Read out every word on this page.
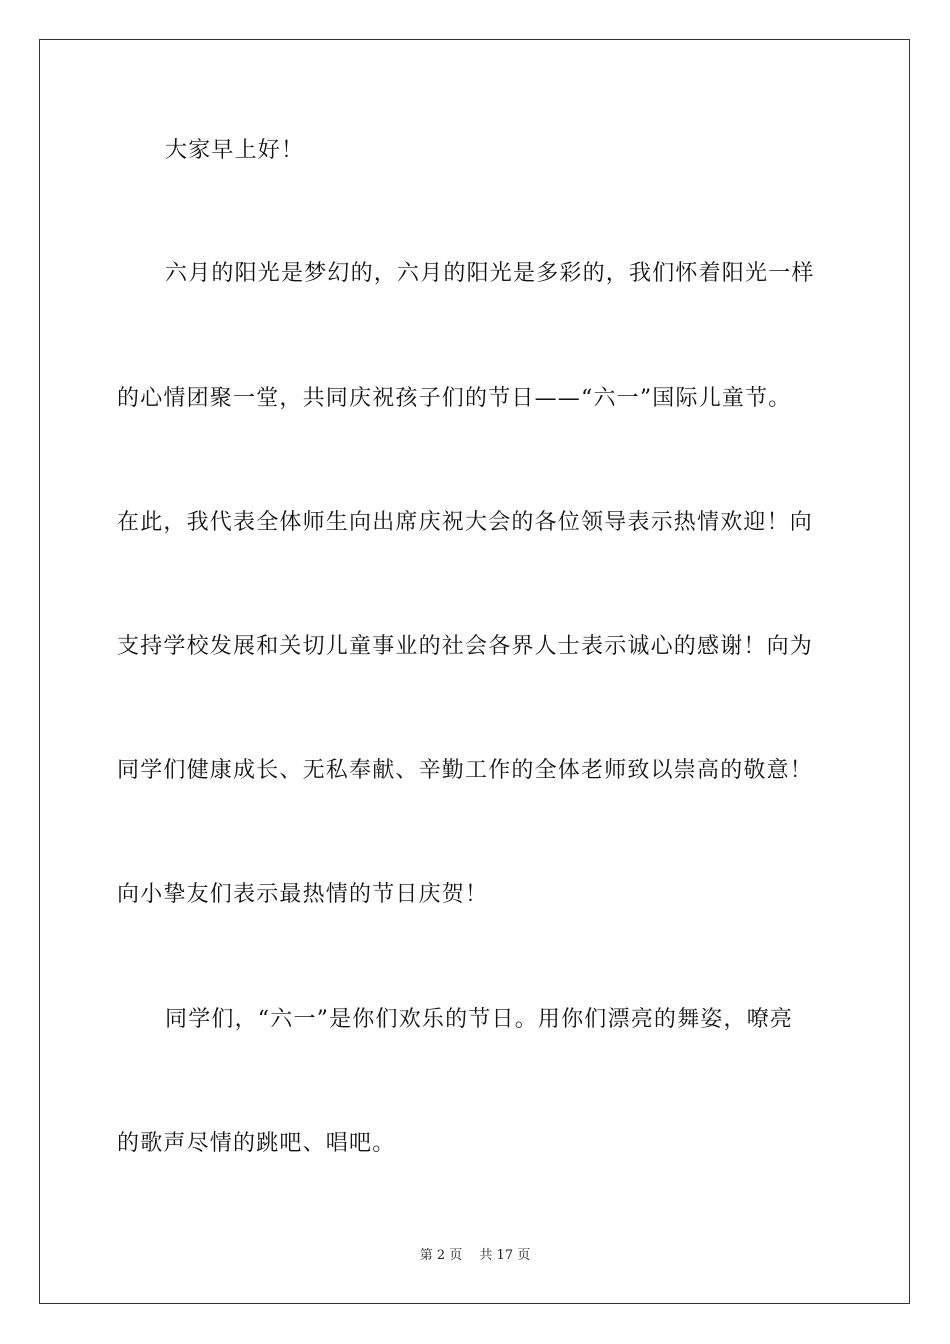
大家早上好！
六月的阳光是梦幻的，六月的阳光是多彩的，我们怀着阳光一样
的心情团聚一堂，共同庆祝孩子们的节日——“六一”国际儿童节。
在此，我代表全体师生向出席庆祝大会的各位领导表示热情欢迎！向
支持学校发展和关切儿童事业的社会各界人士表示诚心的感谢！向为
同学们健康成长、无私奉献、辛勤工作的全体老师致以崇高的敬意！
向小挚友们表示最热情的节日庆贺！
同学们，“六一”是你们欢乐的节日。用你们漂亮的舞姿，嘹亮
的歌声尽情的跳吧、唱吧。
第 2 页　 共 17 页
